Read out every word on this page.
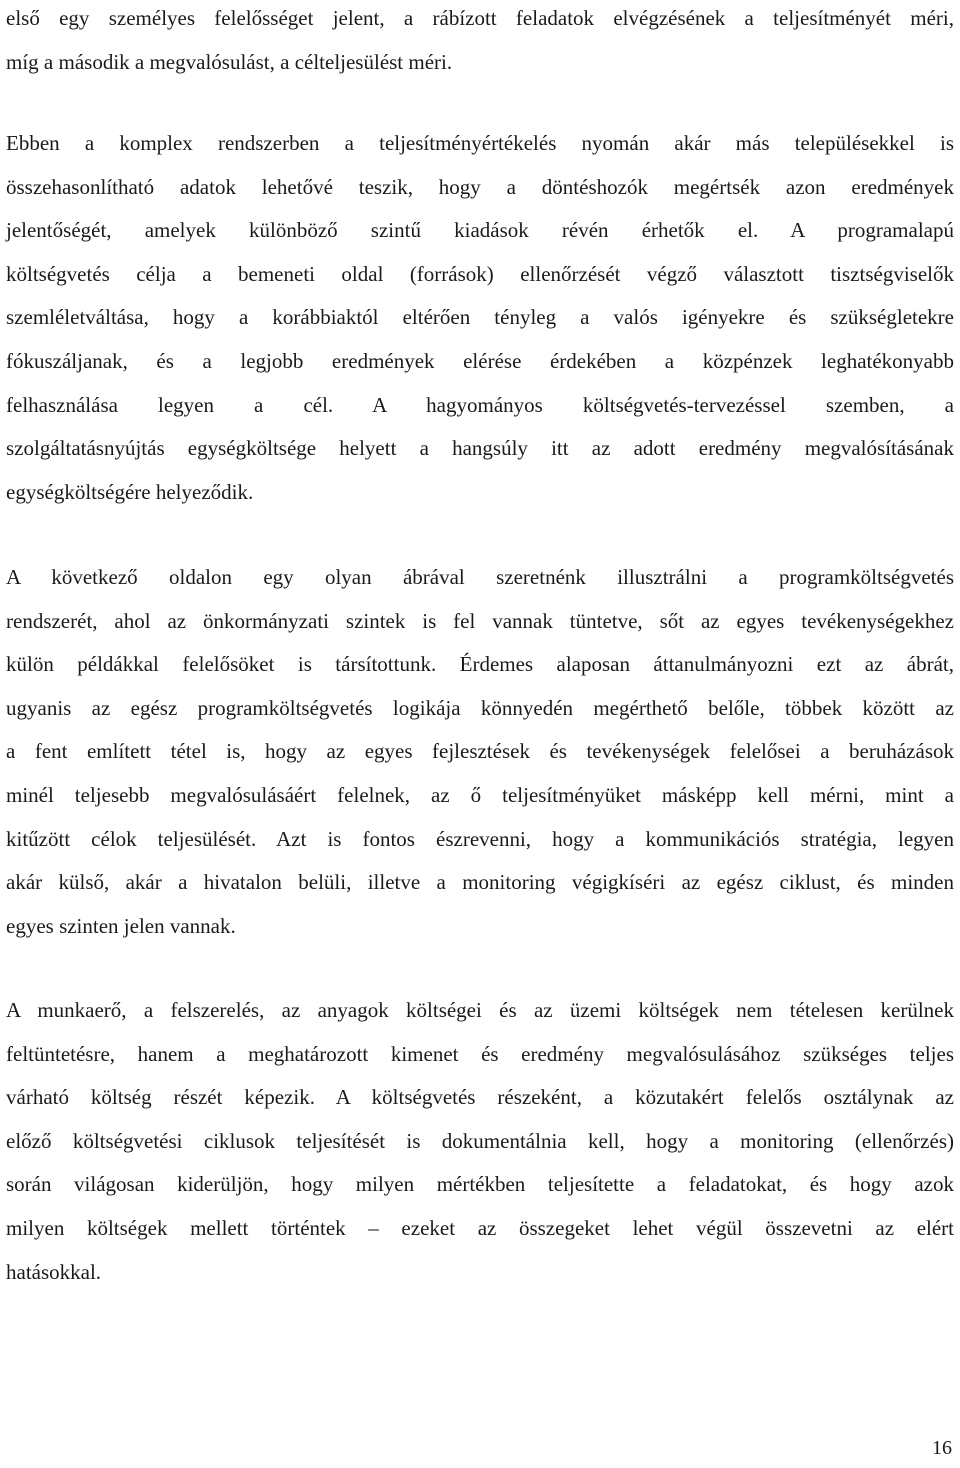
első egy személyes felelősséget jelent, a rábízott feladatok elvégzésének a teljesítményét méri,
míg a második a megvalósulást, a célteljesülést méri.

Ebben a komplex rendszerben a teljesítményértékelés nyomán akár más településekkel is
összehasonlítható adatok lehetővé teszik, hogy a döntéshozók megértsék azon eredmények
jelentőségét, amelyek különböző szintű kiadások révén érhetők el. A programalapú
költségvetés célja a bemeneti oldal (források) ellenőrzését végző választott tisztségviselők
szemléletváltása, hogy a korábbiaktól eltérően tényleg a valós igényekre és szükségletekre
fókuszáljanak, és a legjobb eredmények elérése érdekében a közpénzek leghatékonyabb
felhasználása legyen a cél. A hagyományos költségvetés-tervezéssel szemben, a
szolgáltatásnyújtás egységköltsége helyett a hangsúly itt az adott eredmény megvalósításának
egységköltségére helyeződik.

A következő oldalon egy olyan ábrával szeretnénk illusztrálni a programköltségvetés
rendszerét, ahol az önkormányzati szintek is fel vannak tüntetve, sőt az egyes tevékenységekhez
külön példákkal felelősöket is társítottunk. Érdemes alaposan áttanulmányozni ezt az ábrát,
ugyanis az egész programköltségvetés logikája könnyedén megérthető belőle, többek között az
a fent említett tétel is, hogy az egyes fejlesztések és tevékenységek felelősei a beruházások
minél teljesebb megvalósulásáért felelnek, az ő teljesítményüket másképp kell mérni, mint a
kitűzött célok teljesülését. Azt is fontos észrevenni, hogy a kommunikációs stratégia, legyen
akár külső, akár a hivatalon belüli, illetve a monitoring végigkíséri az egész ciklust, és minden
egyes szinten jelen vannak.

A munkaerő, a felszerelés, az anyagok költségei és az üzemi költségek nem tételesen kerülnek
feltüntetésre, hanem a meghatározott kimenet és eredmény megvalósulásához szükséges teljes
várható költség részét képezik. A költségvetés részeként, a közutakért felelős osztálynak az
előző költségvetési ciklusok teljesítését is dokumentálnia kell, hogy a monitoring (ellenőrzés)
során világosan kiderüljön, hogy milyen mértékben teljesítette a feladatokat, és hogy azok
milyen költségek mellett történtek – ezeket az összegeket lehet végül összevetni az elért
hatásokkal.

16
